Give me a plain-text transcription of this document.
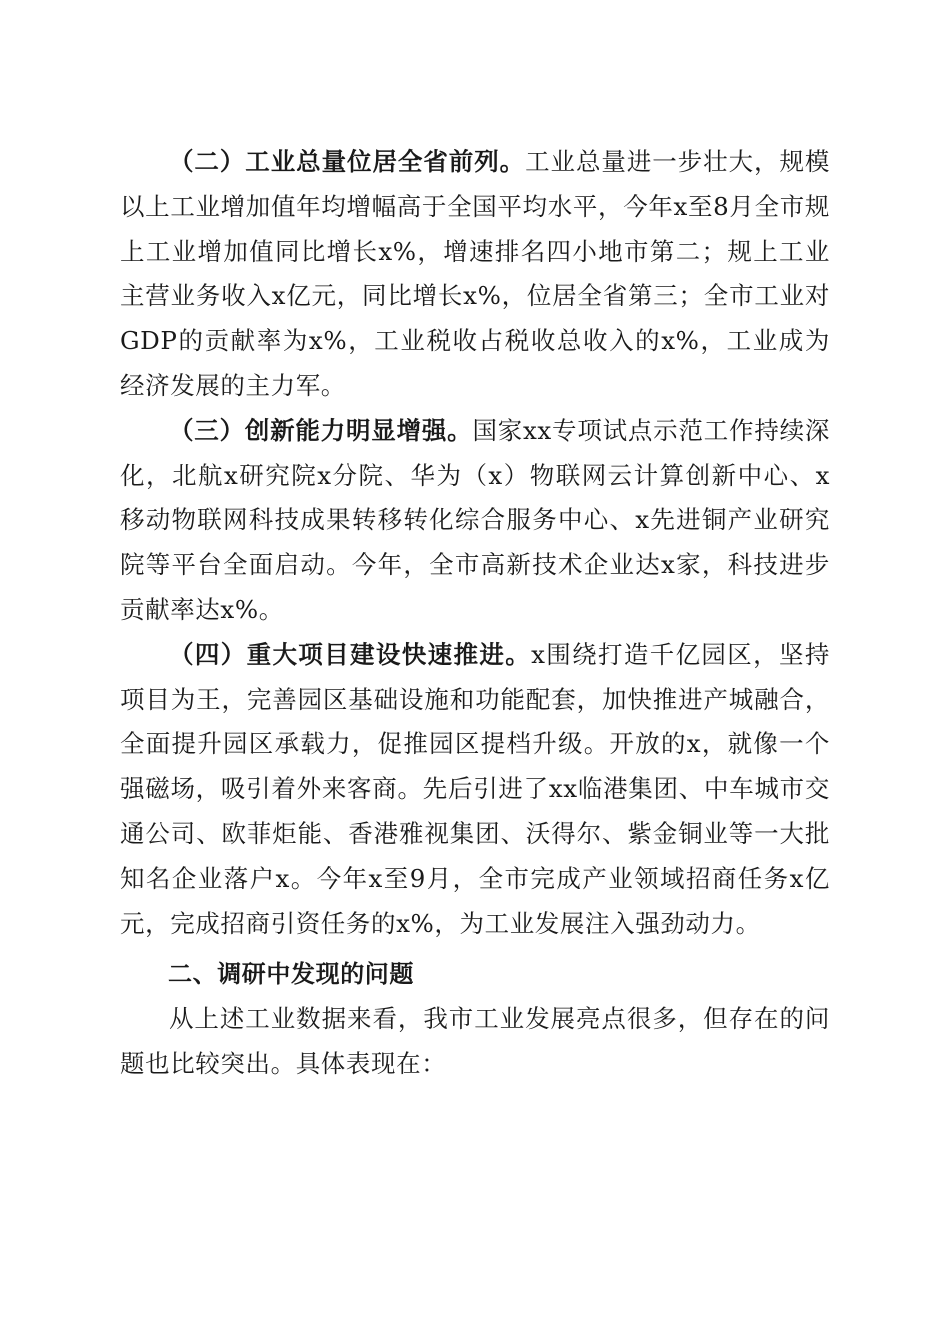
（二）工业总量位居全省前列。工业总量进一步壮大，规模以上工业增加值年均增幅高于全国平均水平，今年x至8月全市规上工业增加值同比增长x%，增速排名四小地市第二；规上工业主营业务收入x亿元，同比增长x%，位居全省第三；全市工业对GDP的贡献率为x%，工业税收占税收总收入的x%，工业成为经济发展的主力军。

（三）创新能力明显增强。国家xx专项试点示范工作持续深化，北航x研究院x分院、华为（x）物联网云计算创新中心、x移动物联网科技成果转移转化综合服务中心、x先进铜产业研究院等平台全面启动。今年，全市高新技术企业达x家，科技进步贡献率达x%。

（四）重大项目建设快速推进。x围绕打造千亿园区，坚持项目为王，完善园区基础设施和功能配套，加快推进产城融合，全面提升园区承载力，促推园区提档升级。开放的x，就像一个强磁场，吸引着外来客商。先后引进了xx临港集团、中车城市交通公司、欧菲炬能、香港雅视集团、沃得尔、紫金铜业等一大批知名企业落户x。今年x至9月，全市完成产业领域招商任务x亿元，完成招商引资任务的x%，为工业发展注入强劲动力。

二、调研中发现的问题

从上述工业数据来看，我市工业发展亮点很多，但存在的问题也比较突出。具体表现在：
